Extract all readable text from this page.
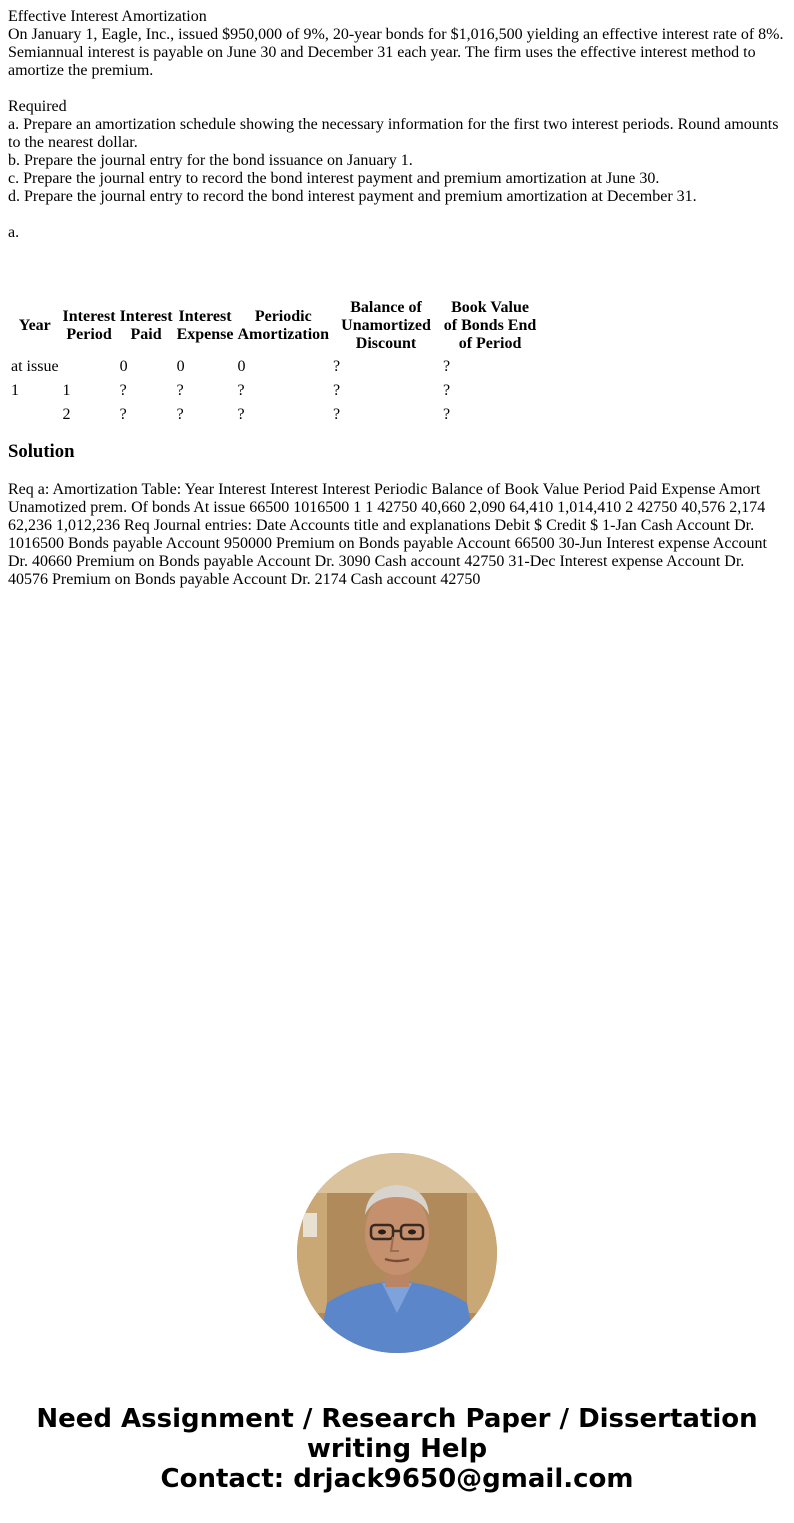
Effective Interest Amortization
On January 1, Eagle, Inc., issued $950,000 of 9%, 20-year bonds for $1,016,500 yielding an effective interest rate of 8%. Semiannual interest is payable on June 30 and December 31 each year. The firm uses the effective interest method to amortize the premium.
Required
a. Prepare an amortization schedule showing the necessary information for the first two interest periods. Round amounts to the nearest dollar.
b. Prepare the journal entry for the bond issuance on January 1.
c. Prepare the journal entry to record the bond interest payment and premium amortization at June 30.
d. Prepare the journal entry to record the bond interest payment and premium amortization at December 31.
a.
Year	Interest Period	Interest Paid	Interest Expense	Periodic Amortization	Balance of Unamortized Discount	Book Value of Bonds End of Period
at issue		0	0	0	?	?
1	1	?	?	?	?	?
	2	?	?	?	?	?
Solution
Req a: Amortization Table: Year Interest Interest Interest Periodic Balance of Book Value Period Paid Expense Amort Unamotized prem. Of bonds At issue 66500 1016500 1 1 42750 40,660 2,090 64,410 1,014,410 2 42750 40,576 2,174 62,236 1,012,236 Req Journal entries: Date Accounts title and explanations Debit $ Credit $ 1-Jan Cash Account Dr. 1016500 Bonds payable Account 950000 Premium on Bonds payable Account 66500 30-Jun Interest expense Account Dr. 40660 Premium on Bonds payable Account Dr. 3090 Cash account 42750 31-Dec Interest expense Account Dr. 40576 Premium on Bonds payable Account Dr. 2174 Cash account 42750
Need Assignment / Research Paper / Dissertation writing Help
Contact: drjack9650@gmail.com
